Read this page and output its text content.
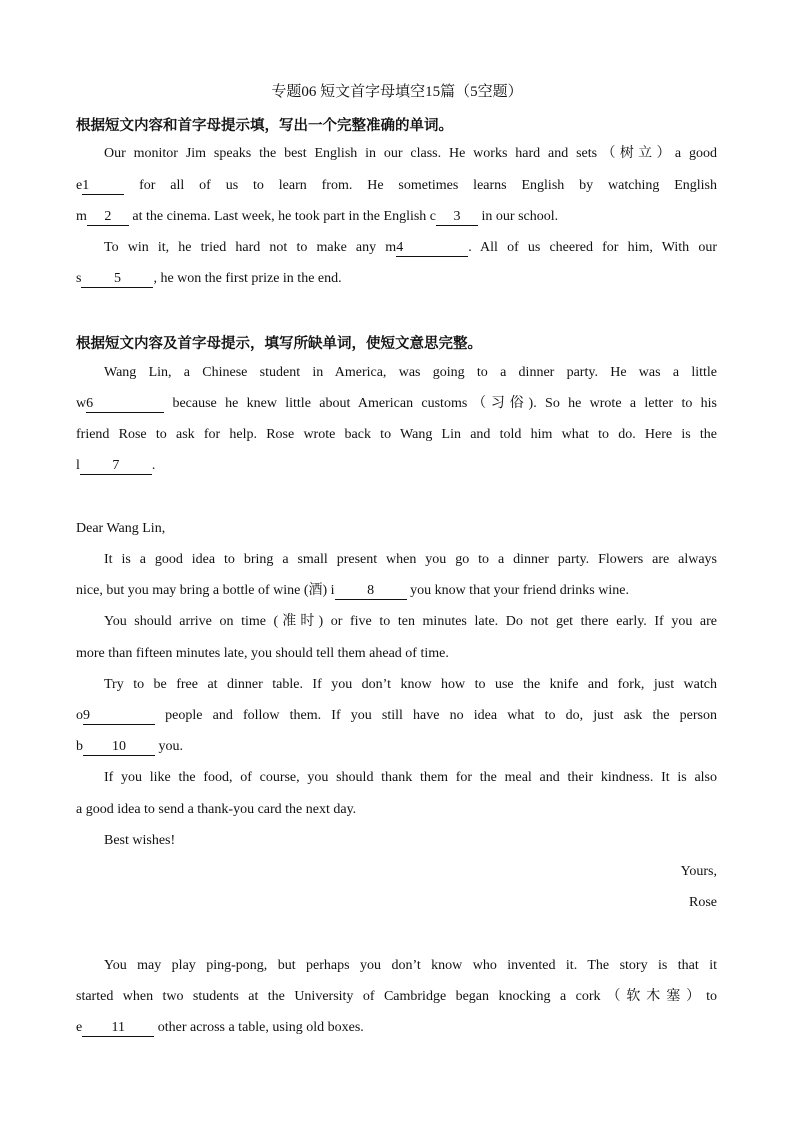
专题06 短文首字母填空15篇（5空题）
根据短文内容和首字母提示填，写出一个完整准确的单词。
Our monitor Jim speaks the best English in our class. He works hard and sets（树立）a good
e1	for all of us to learn from. He sometimes learns English by watching English
m 2 at the cinema. Last week, he took part in the English c 3 in our school.
To win it, he tried hard not to make any m4	. All of us cheered for him, With our
s 5 , he won the first prize in the end.
根据短文内容及首字母提示，填写所缺单词，使短文意思完整。
Wang Lin, a Chinese student in America, was going to a dinner party. He was a little
w6	because he knew little about American customs（习俗). So he wrote a letter to his
friend Rose to ask for help. Rose wrote back to Wang Lin and told him what to do. Here is the
l 7 .
Dear Wang Lin,
It is a good idea to bring a small present when you go to a dinner party. Flowers are always
nice, but you may bring a bottle of wine (酒) i 8	you know that your friend drinks wine.
You should arrive on time (准时) or five to ten minutes late. Do not get there early. If you are
more than fifteen minutes late, you should tell them ahead of time.
Try to be free at dinner table. If you don’t know how to use the knife and fork, just watch
o9	people and follow them. If you still have no idea what to do, just ask the person
b 10 you.
If you like the food, of course, you should thank them for the meal and their kindness. It is also
a good idea to send a thank-you card the next day.
Best wishes!
Yours,
Rose
You may play ping-pong, but perhaps you don’t know who invented it. The story is that it
started when two students at the University of Cambridge began knocking a cork（软木塞）to
e 11 other across a table, using old boxes.
